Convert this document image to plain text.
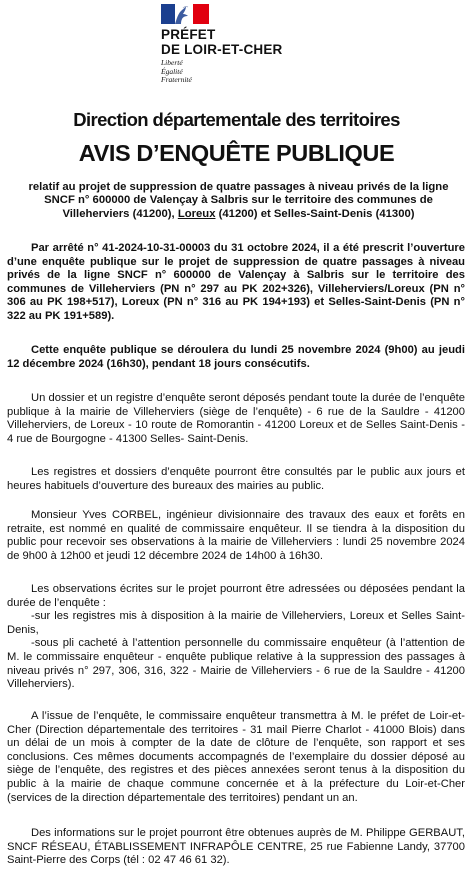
PRÉFET
DE LOIR-ET-CHER
Liberté
Égalité
Fraternité
Direction départementale des territoires
AVIS D’ENQUÊTE PUBLIQUE
relatif au projet de suppression de quatre passages à niveau privés de la ligne SNCF n° 600000 de Valençay à Salbris sur le territoire des communes de Villeherviers (41200), Loreux (41200) et Selles-Saint-Denis (41300)

Par arrêté n° 41-2024-10-31-00003 du 31 octobre 2024, il a été prescrit l’ouverture d’une enquête publique sur le projet de suppression de quatre passages à niveau privés de la ligne SNCF n° 600000 de Valençay à Salbris sur le territoire des communes de Villeherviers (PN n° 297 au PK 202+326), Villeherviers/Loreux (PN n° 306 au PK 198+517), Loreux (PN n° 316 au PK 194+193) et Selles-Saint-Denis (PN n° 322 au PK 191+589).

Cette enquête publique se déroulera du lundi 25 novembre 2024 (9h00) au jeudi 12 décembre 2024 (16h30), pendant 18 jours consécutifs.

Un dossier et un registre d’enquête seront déposés pendant toute la durée de l’enquête publique à la mairie de Villeherviers (siège de l’enquête) - 6 rue de la Sauldre - 41200 Villeherviers, de Loreux - 10 route de Romorantin - 41200 Loreux et de Selles Saint-Denis - 4 rue de Bourgogne - 41300 Selles- Saint-Denis.

Les registres et dossiers d’enquête pourront être consultés par le public aux jours et heures habituels d’ouverture des bureaux des mairies au public.

Monsieur Yves CORBEL, ingénieur divisionnaire des travaux des eaux et forêts en retraite, est nommé en qualité de commissaire enquêteur. Il se tiendra à la disposition du public pour recevoir ses observations à la mairie de Villeherviers : lundi 25 novembre 2024 de 9h00 à 12h00 et jeudi 12 décembre 2024 de 14h00 à 16h30.

Les observations écrites sur le projet pourront être adressées ou déposées pendant la durée de l’enquête :

-sur les registres mis à disposition à la mairie de Villeherviers, Loreux et Selles Saint-Denis,

-sous pli cacheté à l’attention personnelle du commissaire enquêteur (à l’attention de M. le commissaire enquêteur - enquête publique relative à la suppression des passages à niveau privés n° 297, 306, 316, 322 - Mairie de Villeherviers - 6 rue de la Sauldre - 41200 Villeherviers).

A l’issue de l’enquête, le commissaire enquêteur transmettra à M. le préfet de Loir-et-Cher (Direction départementale des territoires - 31 mail Pierre Charlot - 41000 Blois) dans un délai de un mois à compter de la date de clôture de l’enquête, son rapport et ses conclusions. Ces mêmes documents accompagnés de l’exemplaire du dossier déposé au siège de l’enquête, des registres et des pièces annexées seront tenus à la disposition du public à la mairie de chaque commune concernée et à la préfecture du Loir-et-Cher (services de la direction départementale des territoires) pendant un an.

Des informations sur le projet pourront être obtenues auprès de M. Philippe GERBAUT, SNCF RÉSEAU, ÉTABLISSEMENT INFRAPÔLE CENTRE, 25 rue Fabienne Landy, 37700 Saint-Pierre des Corps (tél : 02 47 46 61 32).
